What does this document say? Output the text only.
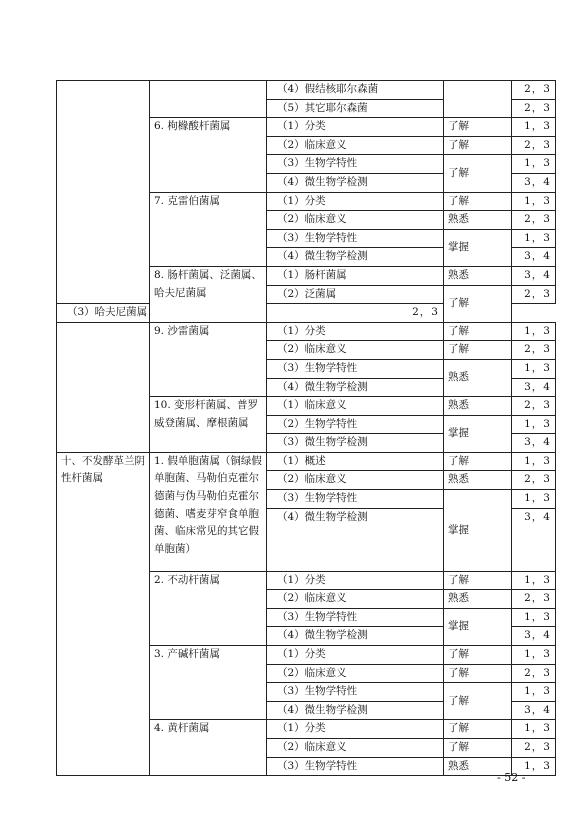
		（4）假结核耶尔森菌		2，3
		（5）其它耶尔森菌		2，3
	6. 枸橼酸杆菌属	（1）分类	了解	1，3
		（2）临床意义	了解	2，3
		（3）生物学特性	了解	1，3
		（4）微生物学检测		3，4
	7. 克雷伯菌属	（1）分类	了解	1，3
		（2）临床意义	熟悉	2，3
		（3）生物学特性	掌握	1，3
		（4）微生物学检测		3，4
	8. 肠杆菌属、泛菌属、哈夫尼菌属	（1）肠杆菌属	熟悉	3，4
		（2）泛菌属	了解	2，3
（3）哈夫尼菌属		2，3		
	9. 沙雷菌属	（1）分类	了解	1，3
		（2）临床意义	了解	2，3
		（3）生物学特性	熟悉	1，3
		（4）微生物学检测		3，4
	10. 变形杆菌属、普罗威登菌属、摩根菌属	（1）临床意义	熟悉	2，3
		（2）生物学特性	掌握	1，3
		（3）微生物学检测		3，4
十、不发酵革兰阴性杆菌属	1. 假单胞菌属（铜绿假单胞菌、马勒伯克霍尔德菌与伪马勒伯克霍尔德菌、嗜麦芽窄食单胞菌、临床常见的其它假单胞菌）	（1）概述	了解	1，3
		（2）临床意义	熟悉	2，3
		（3）生物学特性	掌握	1，3
		（4）微生物学检测		3，4
	2. 不动杆菌属	（1）分类	了解	1，3
		（2）临床意义	熟悉	2，3
		（3）生物学特性	掌握	1，3
		（4）微生物学检测		3，4
	3. 产碱杆菌属	（1）分类	了解	1，3
		（2）临床意义	了解	2，3
		（3）生物学特性	了解	1，3
		（4）微生物学检测		3，4
	4. 黄杆菌属	（1）分类	了解	1，3
		（2）临床意义	了解	2，3
		（3）生物学特性	熟悉	1，3
- 52 -
